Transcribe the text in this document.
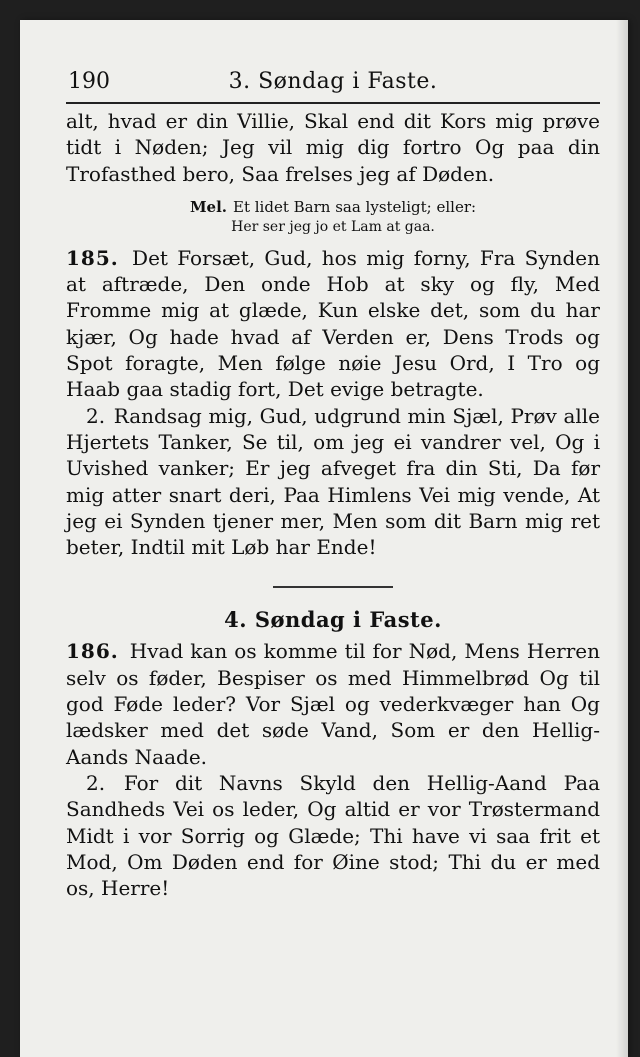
190	3. Søndag i Faste.

alt, hvad er din Villie, Skal end dit Kors mig prøve tidt i Nøden; Jeg vil mig dig fortro Og paa din Trofasthed bero, Saa frelses jeg af Døden.

Mel. Et lidet Barn saa lysteligt; eller:
Her ser jeg jo et Lam at gaa.

185. Det Forsæt, Gud, hos mig forny, Fra Synden at aftræde, Den onde Hob at sky og fly, Med Fromme mig at glæde, Kun elske det, som du har kjær, Og hade hvad af Verden er, Dens Trods og Spot foragte, Men følge nøie Jesu Ord, I Tro og Haab gaa stadig fort, Det evige betragte.

2. Randsag mig, Gud, udgrund min Sjæl, Prøv alle Hjertets Tanker, Se til, om jeg ei vandrer vel, Og i Uvished vanker; Er jeg afveget fra din Sti, Da før mig atter snart deri, Paa Himlens Vei mig vende, At jeg ei Synden tjener mer, Men som dit Barn mig ret beter, Indtil mit Løb har Ende!

4. Søndag i Faste.

186. Hvad kan os komme til for Nød, Mens Herren selv os føder, Bespiser os med Himmelbrød Og til god Føde leder? Vor Sjæl og vederkvæger han Og lædsker med det søde Vand, Som er den Hellig-Aands Naade.

2. For dit Navns Skyld den Hellig-Aand Paa Sandheds Vei os leder, Og altid er vor Trøstermand Midt i vor Sorrig og Glæde; Thi have vi saa frit et Mod, Om Døden end for Øine stod; Thi du er med os, Herre!
